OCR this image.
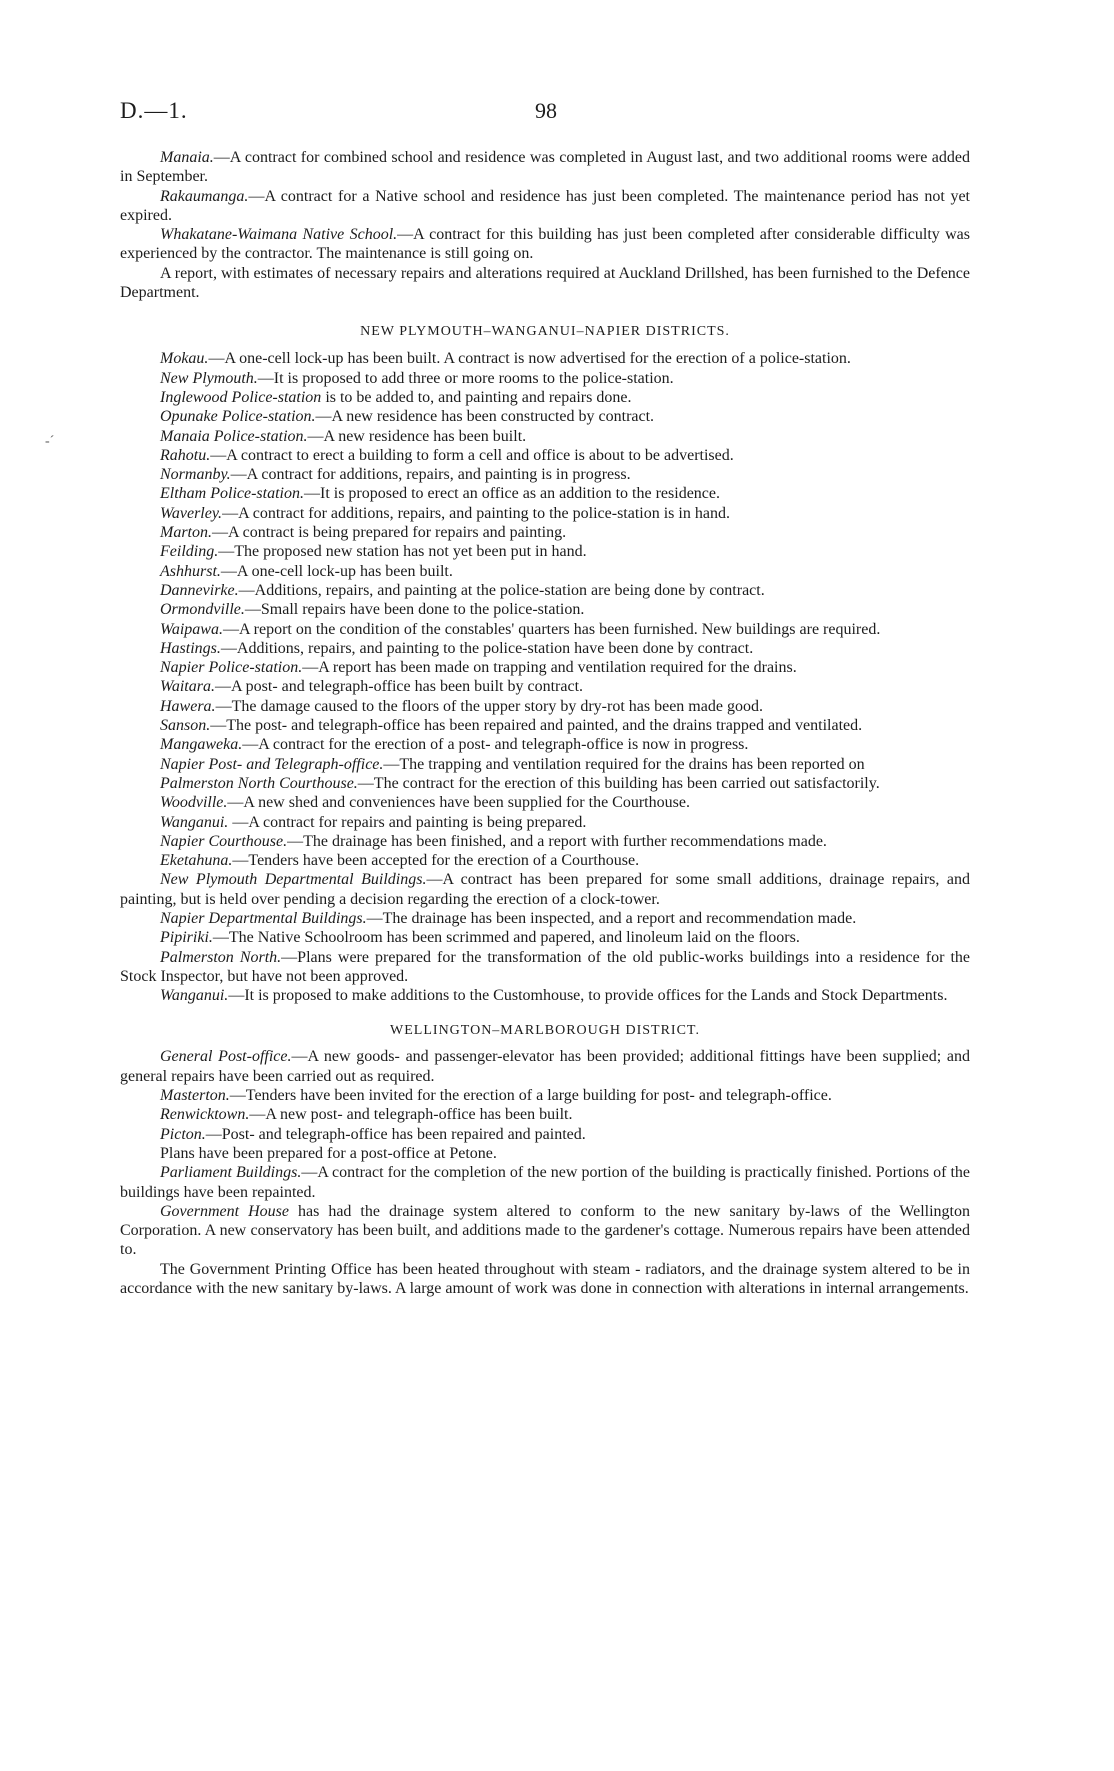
D.—1.	98
-´

Manaia.—A contract for combined school and residence was completed in August last, and two additional rooms were added in September.

Rakaumanga.—A contract for a Native school and residence has just been completed. The maintenance period has not yet expired.

Whakatane-Waimana Native School.—A contract for this building has just been completed after considerable difficulty was experienced by the contractor. The maintenance is still going on.

A report, with estimates of necessary repairs and alterations required at Auckland Drillshed, has been furnished to the Defence Department.

NEW PLYMOUTH–WANGANUI–NAPIER DISTRICTS.

Mokau.—A one-cell lock-up has been built. A contract is now advertised for the erection of a police-station.

New Plymouth.—It is proposed to add three or more rooms to the police-station.

Inglewood Police-station is to be added to, and painting and repairs done.

Opunake Police-station.—A new residence has been constructed by contract.

Manaia Police-station.—A new residence has been built.

Rahotu.—A contract to erect a building to form a cell and office is about to be advertised.

Normanby.—A contract for additions, repairs, and painting is in progress.

Eltham Police-station.—It is proposed to erect an office as an addition to the residence.

Waverley.—A contract for additions, repairs, and painting to the police-station is in hand.

Marton.—A contract is being prepared for repairs and painting.

Feilding.—The proposed new station has not yet been put in hand.

Ashhurst.—A one-cell lock-up has been built.

Dannevirke.—Additions, repairs, and painting at the police-station are being done by contract.

Ormondville.—Small repairs have been done to the police-station.

Waipawa.—A report on the condition of the constables' quarters has been furnished. New buildings are required.

Hastings.—Additions, repairs, and painting to the police-station have been done by contract.

Napier Police-station.—A report has been made on trapping and ventilation required for the drains.

Waitara.—A post- and telegraph-office has been built by contract.

Hawera.—The damage caused to the floors of the upper story by dry-rot has been made good.

Sanson.—The post- and telegraph-office has been repaired and painted, and the drains trapped and ventilated.

Mangaweka.—A contract for the erection of a post- and telegraph-office is now in progress.

Napier Post- and Telegraph-office.—The trapping and ventilation required for the drains has been reported on

Palmerston North Courthouse.—The contract for the erection of this building has been carried out satisfactorily.

Woodville.—A new shed and conveniences have been supplied for the Courthouse.

Wanganui. —A contract for repairs and painting is being prepared.

Napier Courthouse.—The drainage has been finished, and a report with further recommendations made.

Eketahuna.—Tenders have been accepted for the erection of a Courthouse.

New Plymouth Departmental Buildings.—A contract has been prepared for some small additions, drainage repairs, and painting, but is held over pending a decision regarding the erection of a clock-tower.

Napier Departmental Buildings.—The drainage has been inspected, and a report and recommendation made.

Pipiriki.—The Native Schoolroom has been scrimmed and papered, and linoleum laid on the floors.

Palmerston North.—Plans were prepared for the transformation of the old public-works buildings into a residence for the Stock Inspector, but have not been approved.

Wanganui.—It is proposed to make additions to the Customhouse, to provide offices for the Lands and Stock Departments.

WELLINGTON–MARLBOROUGH DISTRICT.

General Post-office.—A new goods- and passenger-elevator has been provided; additional fittings have been supplied; and general repairs have been carried out as required.

Masterton.—Tenders have been invited for the erection of a large building for post- and telegraph-office.

Renwicktown.—A new post- and telegraph-office has been built.

Picton.—Post- and telegraph-office has been repaired and painted.

Plans have been prepared for a post-office at Petone.

Parliament Buildings.—A contract for the completion of the new portion of the building is practically finished. Portions of the buildings have been repainted.

Government House has had the drainage system altered to conform to the new sanitary by-laws of the Wellington Corporation. A new conservatory has been built, and additions made to the gardener's cottage. Numerous repairs have been attended to.

The Government Printing Office has been heated throughout with steam - radiators, and the drainage system altered to be in accordance with the new sanitary by-laws. A large amount of work was done in connection with alterations in internal arrangements.
